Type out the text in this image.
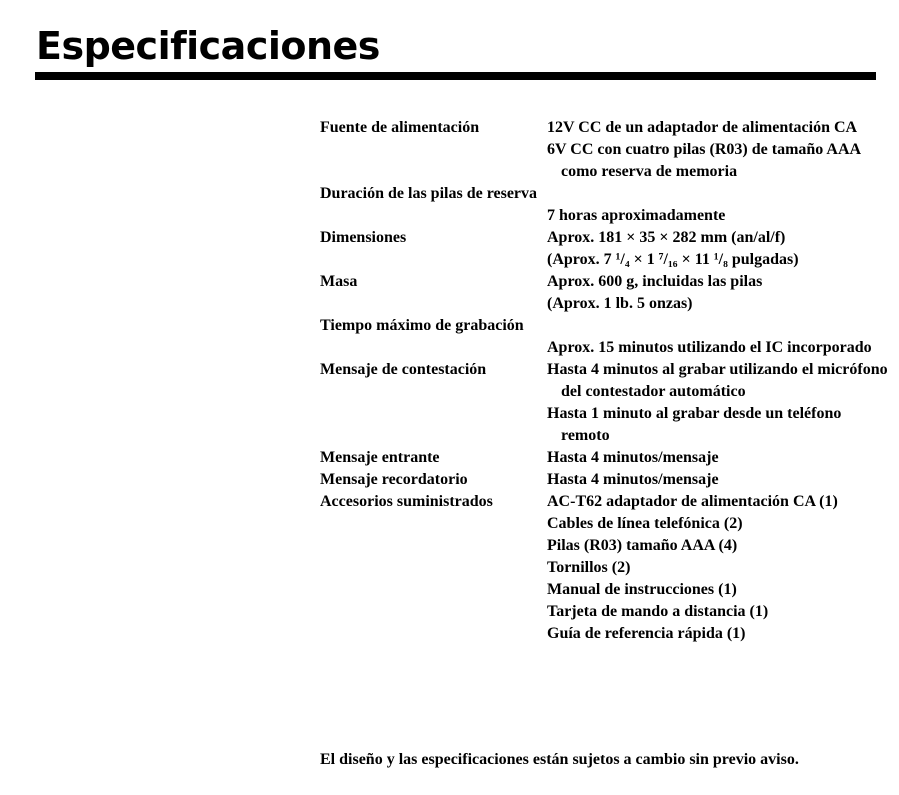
Especificaciones
Fuente de alimentación	12V CC de un adaptador de alimentación CA
6V CC con cuatro pilas (R03) de tamaño AAA como reserva de memoria
Duración de las pilas de reserva
7 horas aproximadamente
Dimensiones	Aprox. 181 × 35 × 282 mm (an/al/f)
(Aprox. 7 ¹/₄ × 1 ⁷/₁₆ × 11 ¹/₈ pulgadas)
Masa	Aprox. 600 g, incluidas las pilas
(Aprox. 1 lb. 5 onzas)
Tiempo máximo de grabación
Aprox. 15 minutos utilizando el IC incorporado
Mensaje de contestación	Hasta 4 minutos al grabar utilizando el micrófono del contestador automático
Hasta 1 minuto al grabar desde un teléfono remoto
Mensaje entrante	Hasta 4 minutos/mensaje
Mensaje recordatorio	Hasta 4 minutos/mensaje
Accesorios suministrados	AC-T62 adaptador de alimentación CA (1)
Cables de línea telefónica (2)
Pilas (R03) tamaño AAA (4)
Tornillos (2)
Manual de instrucciones (1)
Tarjeta de mando a distancia (1)
Guía de referencia rápida (1)

El diseño y las especificaciones están sujetos a cambio sin previo aviso.
